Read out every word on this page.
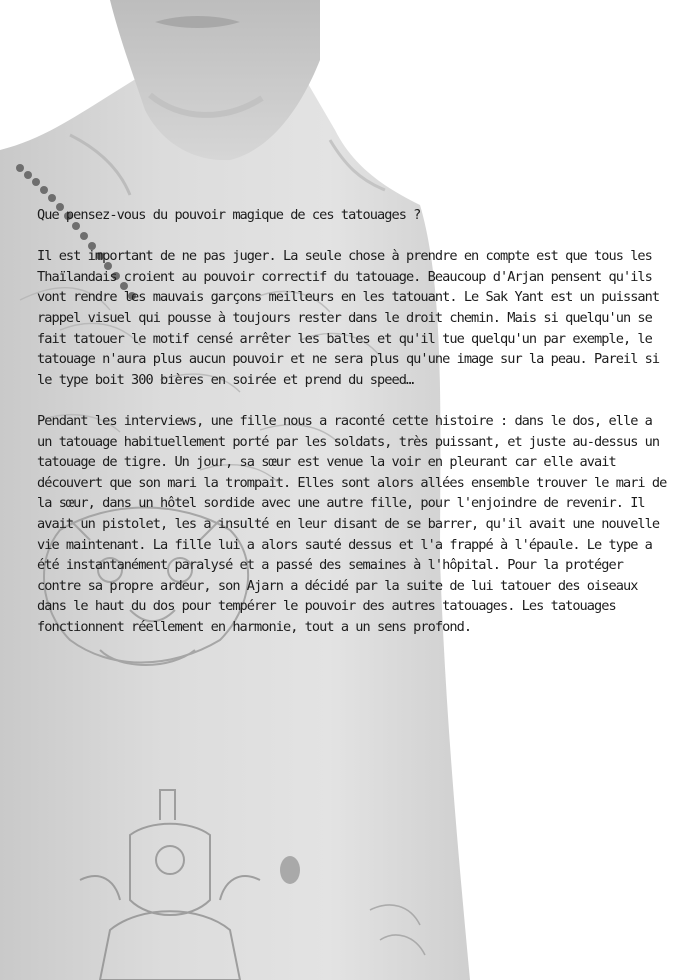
Que pensez-vous du pouvoir magique de ces tatouages ?

Il est important de ne pas juger. La seule chose à prendre en compte est que tous les Thaïlandais croient au pouvoir correctif du tatouage. Beaucoup d'Arjan pensent qu'ils vont rendre les mauvais garçons meilleurs en les tatouant. Le Sak Yant est un puissant rappel visuel qui pousse à toujours rester dans le droit chemin. Mais si quelqu'un se fait tatouer le motif censé arrêter les balles et qu'il tue quelqu'un par exemple, le tatouage n'aura plus aucun pouvoir et ne sera plus qu'une image sur la peau. Pareil si le type boit 300 bières en soirée et prend du speed…

Pendant les interviews, une fille nous a raconté cette histoire : dans le dos, elle a un tatouage habituellement porté par les soldats, très puissant, et juste au-dessus un tatouage de tigre. Un jour, sa sœur est venue la voir en pleurant car elle avait découvert que son mari la trompait. Elles sont alors allées ensemble trouver le mari de la sœur, dans un hôtel sordide avec une autre fille, pour l'enjoindre de revenir. Il avait un pistolet, les a insulté en leur disant de se barrer, qu'il avait une nouvelle vie maintenant. La fille lui a alors sauté dessus et l'a frappé à l'épaule. Le type a été instantanément paralysé et a passé des semaines à l'hôpital. Pour la protéger contre sa propre ardeur, son Ajarn a décidé par la suite de lui tatouer des oiseaux dans le haut du dos pour tempérer le pouvoir des autres tatouages. Les tatouages fonctionnent réellement en harmonie, tout a un sens profond.
